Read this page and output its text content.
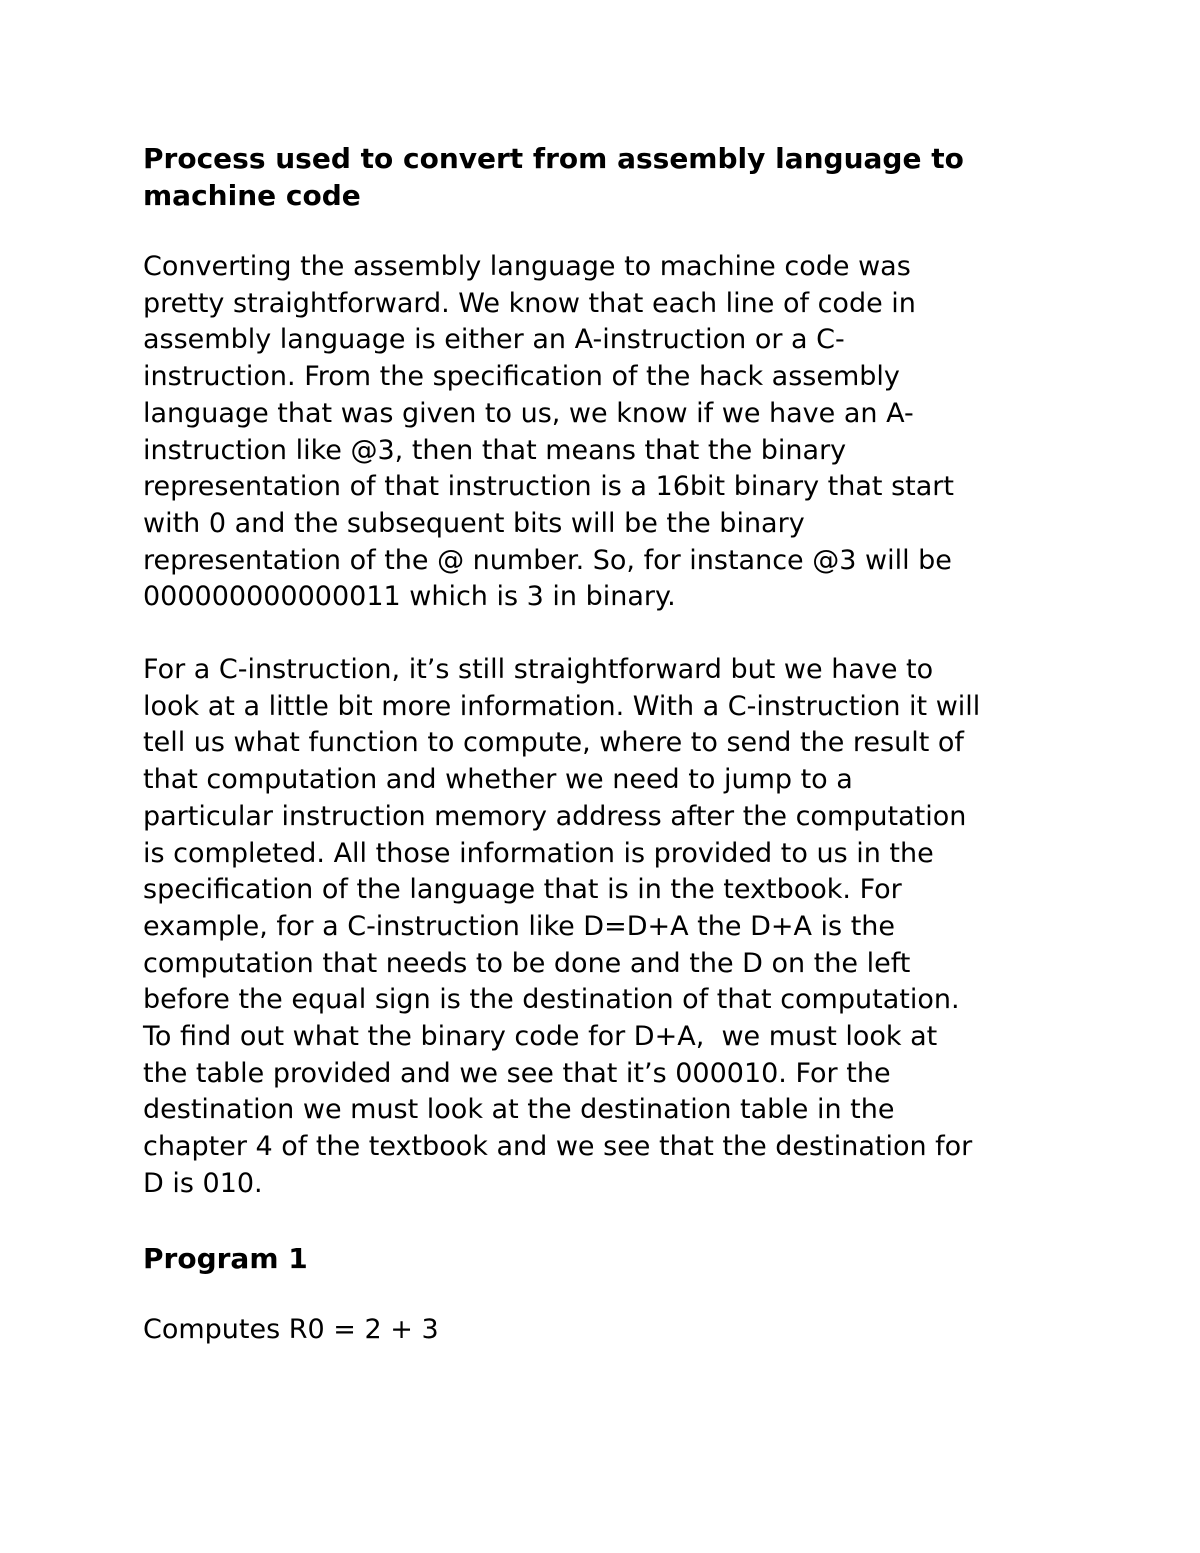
Process used to convert from assembly language to
machine code

Converting the assembly language to machine code was
pretty straightforward. We know that each line of code in
assembly language is either an A-instruction or a C-
instruction. From the specification of the hack assembly
language that was given to us, we know if we have an A-
instruction like @3, then that means that the binary
representation of that instruction is a 16bit binary that start
with 0 and the subsequent bits will be the binary
representation of the @ number. So, for instance @3 will be
000000000000011 which is 3 in binary.

For a C-instruction, it’s still straightforward but we have to
look at a little bit more information. With a C-instruction it will
tell us what function to compute, where to send the result of
that computation and whether we need to jump to a
particular instruction memory address after the computation
is completed. All those information is provided to us in the
specification of the language that is in the textbook. For
example, for a C-instruction like D=D+A the D+A is the
computation that needs to be done and the D on the left
before the equal sign is the destination of that computation.
To find out what the binary code for D+A,  we must look at
the table provided and we see that it’s 000010. For the
destination we must look at the destination table in the
chapter 4 of the textbook and we see that the destination for
D is 010.

Program 1

Computes R0 = 2 + 3
